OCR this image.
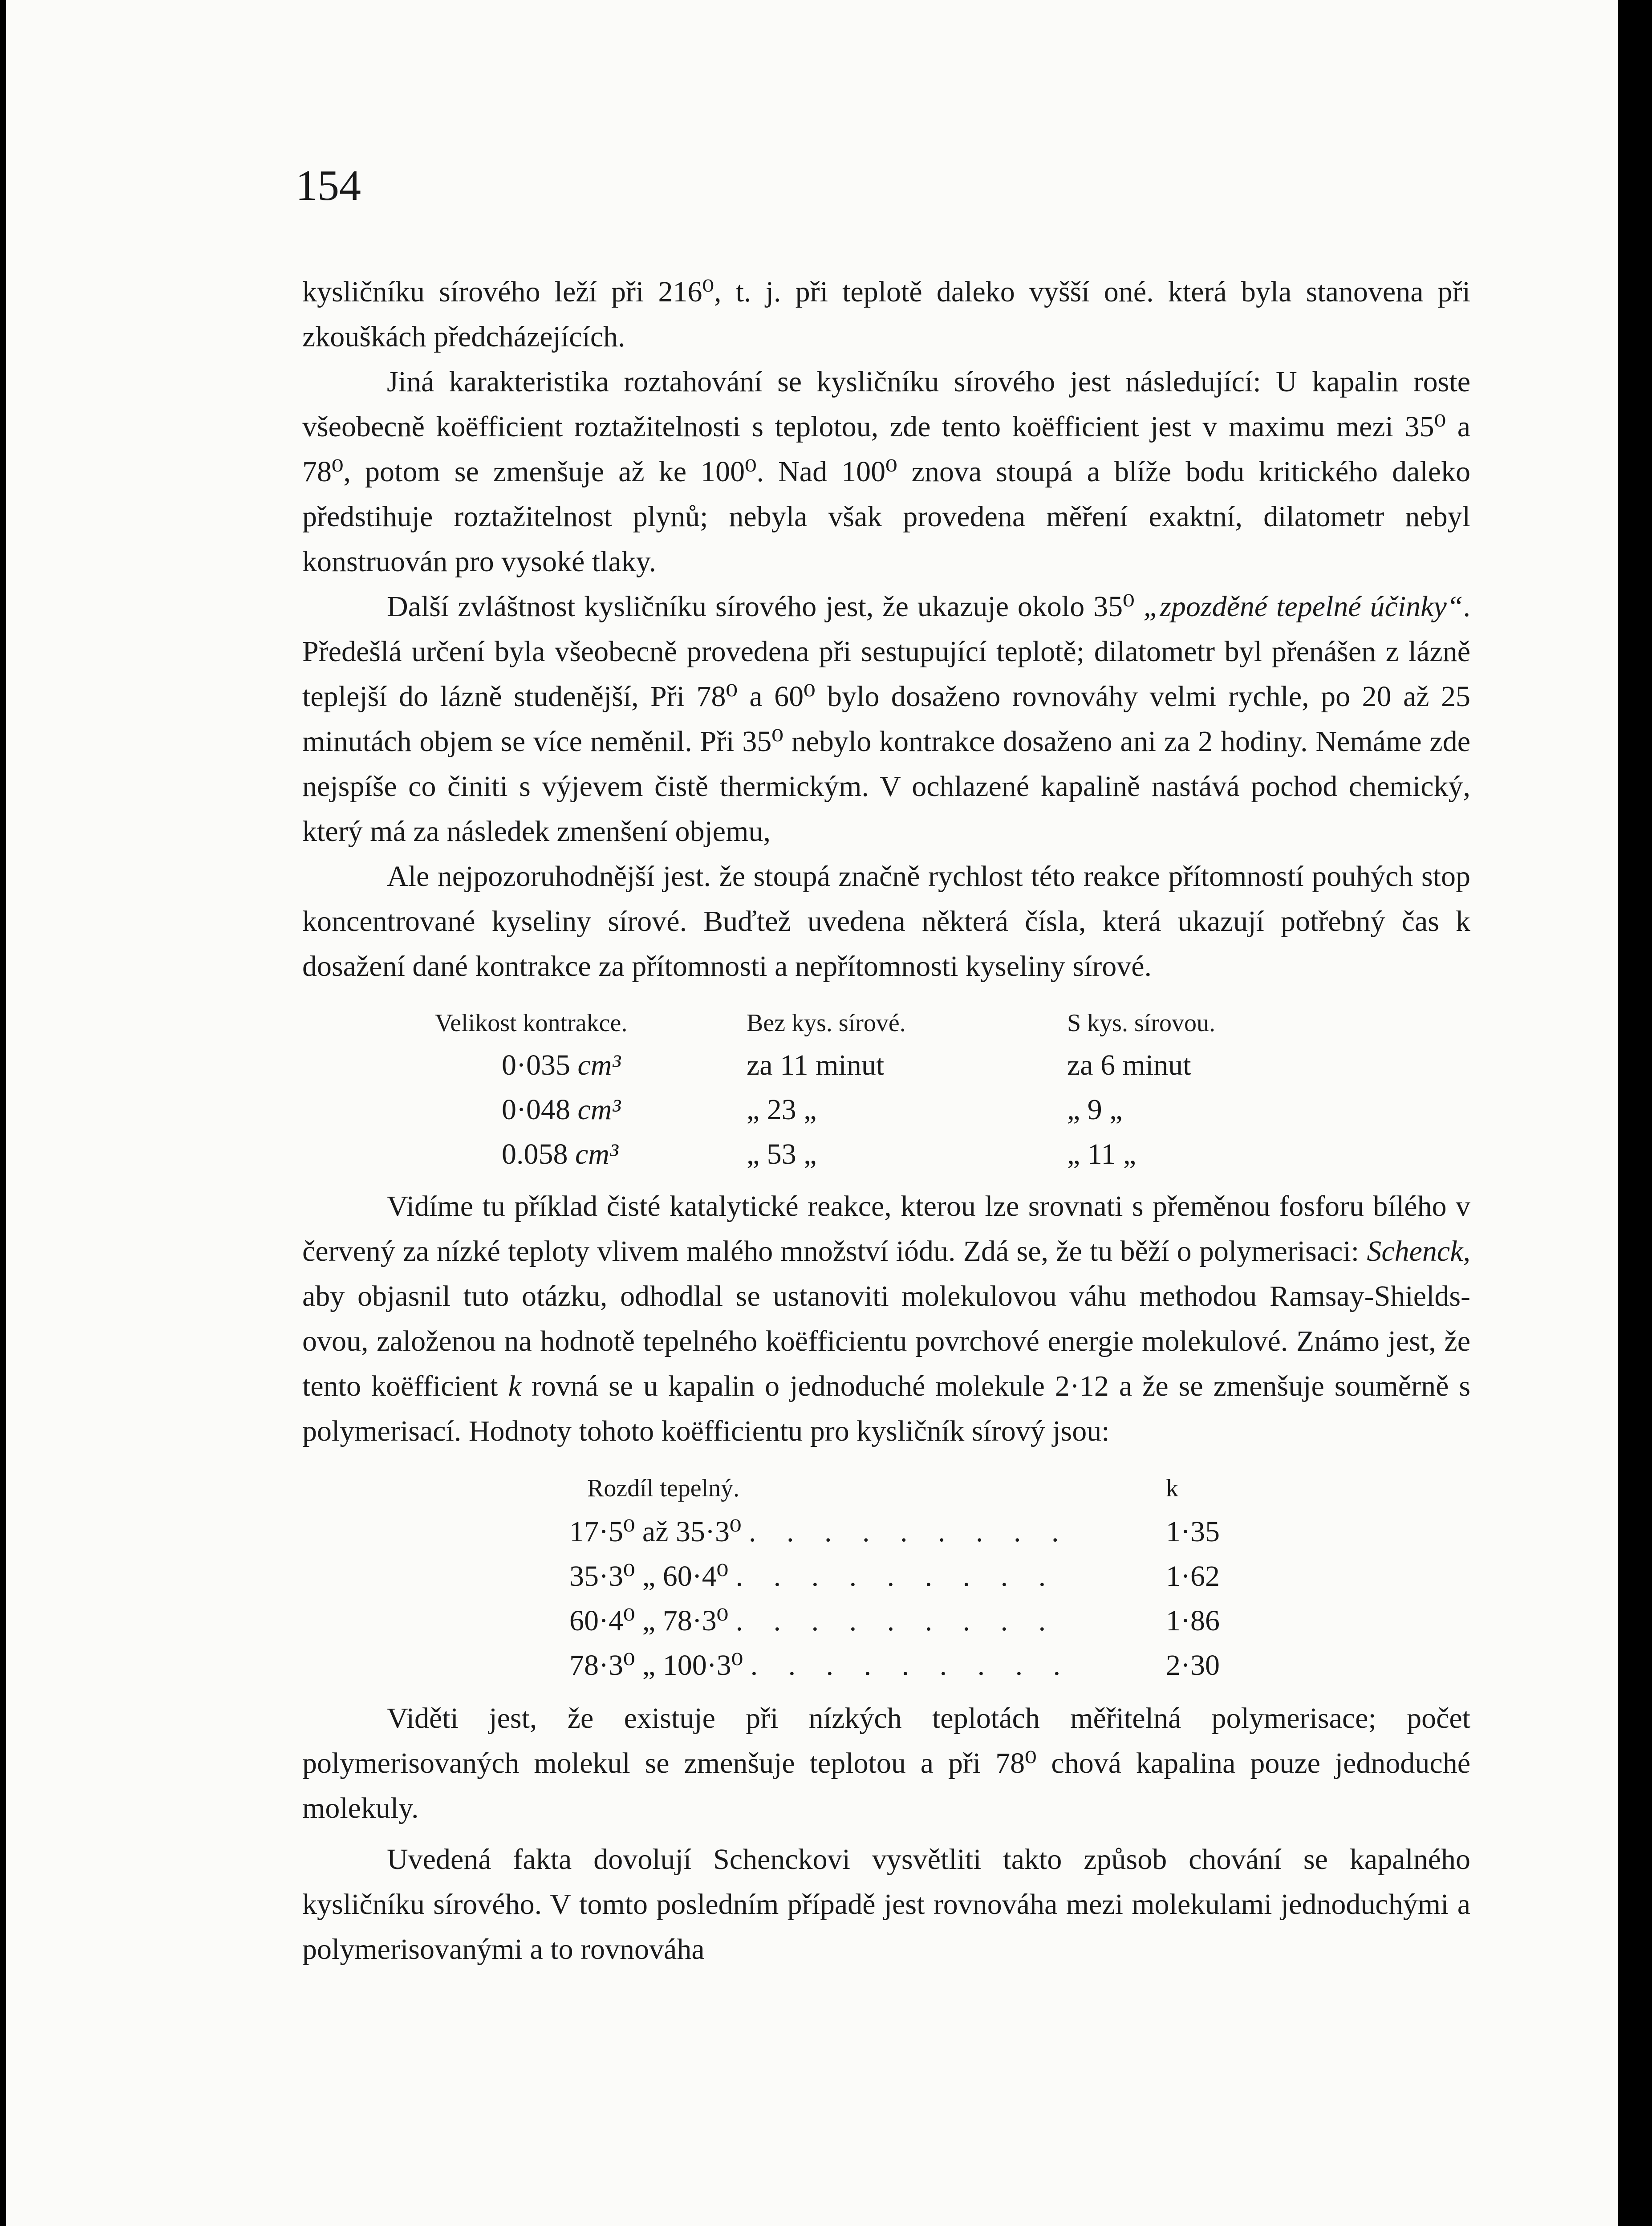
154

kysličníku sírového leží při 216⁰, t. j. při teplotě daleko vyšší oné. která byla stanovena při zkouškách předcházejících.

Jiná karakteristika roztahování se kysličníku sírového jest následující: U kapalin roste všeobecně koëfficient roztažitelnosti s teplotou, zde tento koëfficient jest v maximu mezi 35⁰ a 78⁰, potom se zmenšuje až ke 100⁰. Nad 100⁰ znova stoupá a blíže bodu kritického daleko předstihuje roztažitelnost plynů; nebyla však provedena měření exaktní, dilatometr nebyl konstruován pro vysoké tlaky.

Další zvláštnost kysličníku sírového jest, že ukazuje okolo 35⁰ „zpozděné tepelné účinky“. Předešlá určení byla všeobecně provedena při sestupující teplotě; dilatometr byl přenášen z lázně teplejší do lázně studenější, Při 78⁰ a 60⁰ bylo dosaženo rovnováhy velmi rychle, po 20 až 25 minutách objem se více neměnil. Při 35⁰ nebylo kontrakce dosaženo ani za 2 hodiny. Nemáme zde nejspíše co činiti s výjevem čistě thermickým. V ochlazené kapalině nastává pochod chemický, který má za následek zmenšení objemu,

Ale nejpozoruhodnější jest. že stoupá značně rychlost této reakce přítomností pouhých stop koncentrované kyseliny sírové. Buďtež uvedena některá čísla, která ukazují potřebný čas k dosažení dané kontrakce za přítomnosti a nepřítomnosti kyseliny sírové.

Velikost kontrakce.	Bez kys. sírové.	S kys. sírovou.
0·035 cm³	za 11 minut	za 6 minut
0·048 cm³	„ 23 „	„ 9 „
0.058 cm³	„ 53 „	„ 11 „

Vidíme tu příklad čisté katalytické reakce, kterou lze srovnati s přeměnou fosforu bílého v červený za nízké teploty vlivem malého množství iódu. Zdá se, že tu běží o polymerisaci: Schenck, aby objasnil tuto otázku, odhodlal se ustanoviti molekulovou váhu methodou Ramsay-Shields-ovou, založenou na hodnotě tepelného koëfficientu povrchové energie molekulové. Známo jest, že tento koëfficient k rovná se u kapalin o jednoduché molekule 2·12 a že se zmenšuje souměrně s polymerisací. Hodnoty tohoto koëfficientu pro kysličník sírový jsou:

Rozdíl tepelný.	k
17·5⁰ až 35·3⁰ . . . . . . . . .	1·35
35·3⁰ „ 60·4⁰ . . . . . . . . .	1·62
60·4⁰ „ 78·3⁰ . . . . . . . . .	1·86
78·3⁰ „ 100·3⁰ . . . . . . . . .	2·30

Viděti jest, že existuje při nízkých teplotách měřitelná polymerisace; počet polymerisovaných molekul se zmenšuje teplotou a při 78⁰ chová kapalina pouze jednoduché molekuly.

Uvedená fakta dovolují Schenckovi vysvětliti takto způsob chování se kapalného kysličníku sírového. V tomto posledním případě jest rovnováha mezi molekulami jednoduchými a polymerisovanými a to rovnováha
